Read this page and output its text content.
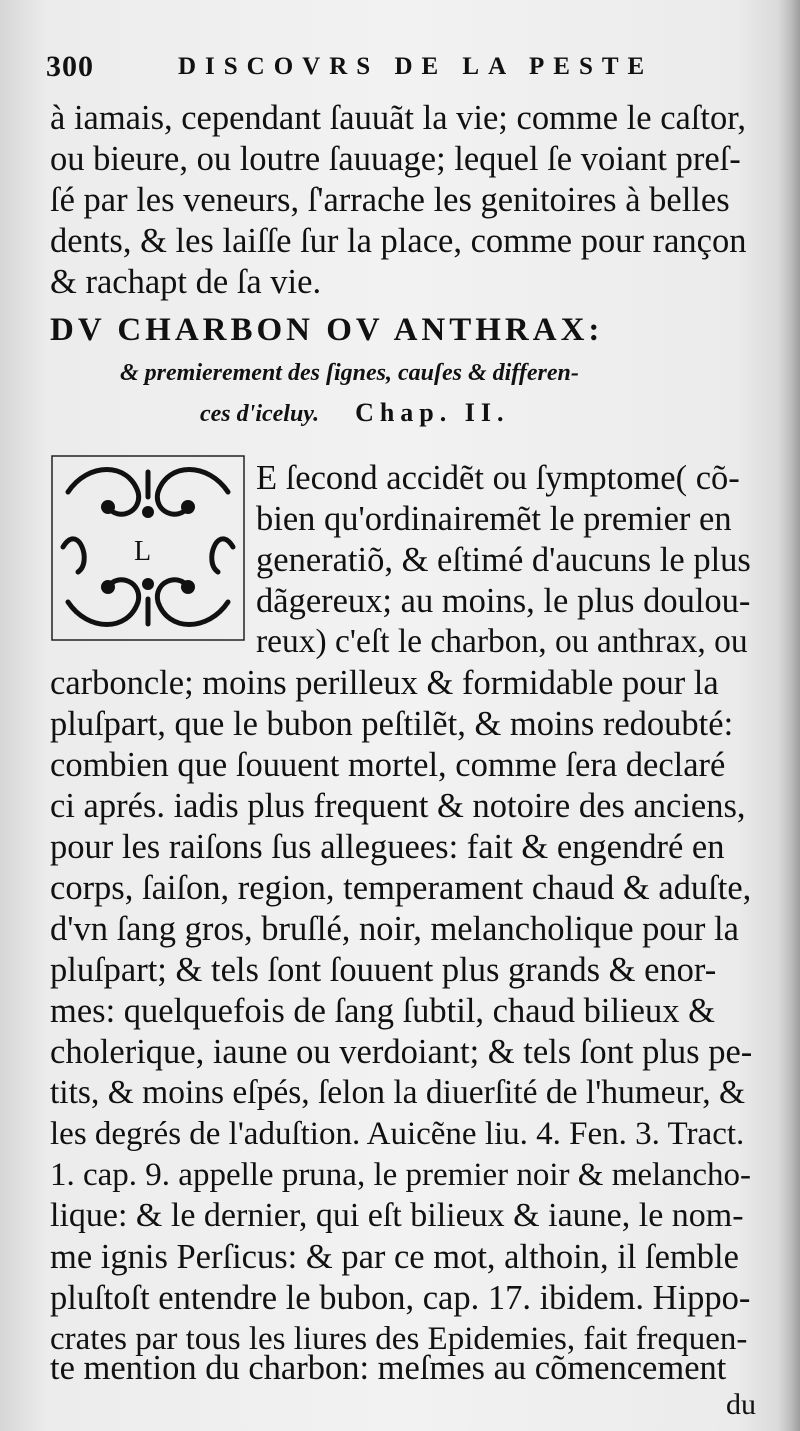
300	DISCOVRS DE LA PESTE
à iamais, cependant ſauuãt la vie; comme le caſtor,
ou bieure, ou loutre ſauuage; lequel ſe voiant preſ-
ſé par les veneurs, ſ'arrache les genitoires à belles
dents, & les laiſſe ſur la place, comme pour rançon
& rachapt de ſa vie.
DV CHARBON OV ANTHRAX:
& premierement des ſignes, cauſes & differen-
ces d'iceluy. Chap. II.
L
E ſecond accidẽt ou ſymptome( cõ-
bien qu'ordinairemẽt le premier en
generatiõ, & eſtimé d'aucuns le plus
dãgereux; au moins, le plus doulou-
reux) c'eſt le charbon, ou anthrax, ou
carboncle; moins perilleux & formidable pour la
pluſpart, que le bubon peſtilẽt, & moins redoubté:
combien que ſouuent mortel, comme ſera declaré
ci aprés. iadis plus frequent & notoire des anciens,
pour les raiſons ſus alleguees: fait & engendré en
corps, ſaiſon, region, temperament chaud & aduſte,
d'vn ſang gros, bruſlé, noir, melancholique pour la
pluſpart; & tels ſont ſouuent plus grands & enor-
mes: quelquefois de ſang ſubtil, chaud bilieux &
cholerique, iaune ou verdoiant; & tels ſont plus pe-
tits, & moins eſpés, ſelon la diuerſité de l'humeur, &
les degrés de l'aduſtion. Auicẽne liu. 4. Fen. 3. Tract.
1. cap. 9. appelle pruna, le premier noir & melancho-
lique: & le dernier, qui eſt bilieux & iaune, le nom-
me ignis Perſicus: & par ce mot, althoin, il ſemble
pluſtoſt entendre le bubon, cap. 17. ibidem. Hippo-
crates par tous les liures des Epidemies, fait frequen-
te mention du charbon: meſmes au cõmencement
du
